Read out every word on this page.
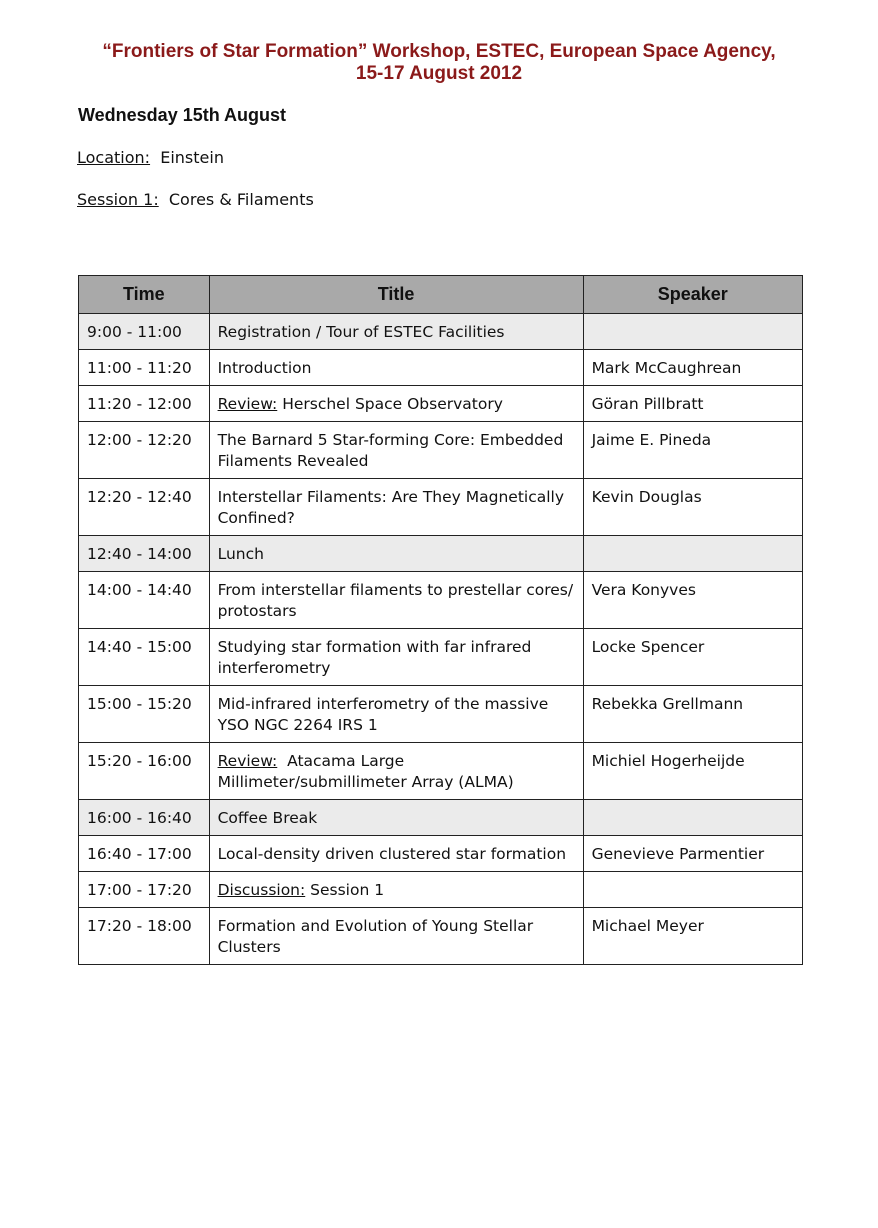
“Frontiers of Star Formation” Workshop, ESTEC, European Space Agency,
15-17 August 2012
Wednesday 15th August
Location: Einstein
Session 1: Cores & Filaments
Time	Title	Speaker
9:00 - 11:00	Registration / Tour of ESTEC Facilities	
11:00 - 11:20	Introduction	Mark McCaughrean
11:20 - 12:00	Review: Herschel Space Observatory	Göran Pillbratt
12:00 - 12:20	The Barnard 5 Star-forming Core: Embedded Filaments Revealed	Jaime E. Pineda
12:20 - 12:40	Interstellar Filaments: Are They Magnetically Confined?	Kevin Douglas
12:40 - 14:00	Lunch	
14:00 - 14:40	From interstellar filaments to prestellar cores/ protostars	Vera Konyves
14:40 - 15:00	Studying star formation with far infrared interferometry	Locke Spencer
15:00 - 15:20	Mid-infrared interferometry of the massive YSO NGC 2264 IRS 1	Rebekka Grellmann
15:20 - 16:00	Review:  Atacama Large Millimeter/submillimeter Array (ALMA)	Michiel Hogerheijde
16:00 - 16:40	Coffee Break	
16:40 - 17:00	Local-density driven clustered star formation	Genevieve Parmentier
17:00 - 17:20	Discussion: Session 1	
17:20 - 18:00	Formation and Evolution of Young Stellar Clusters	Michael Meyer
